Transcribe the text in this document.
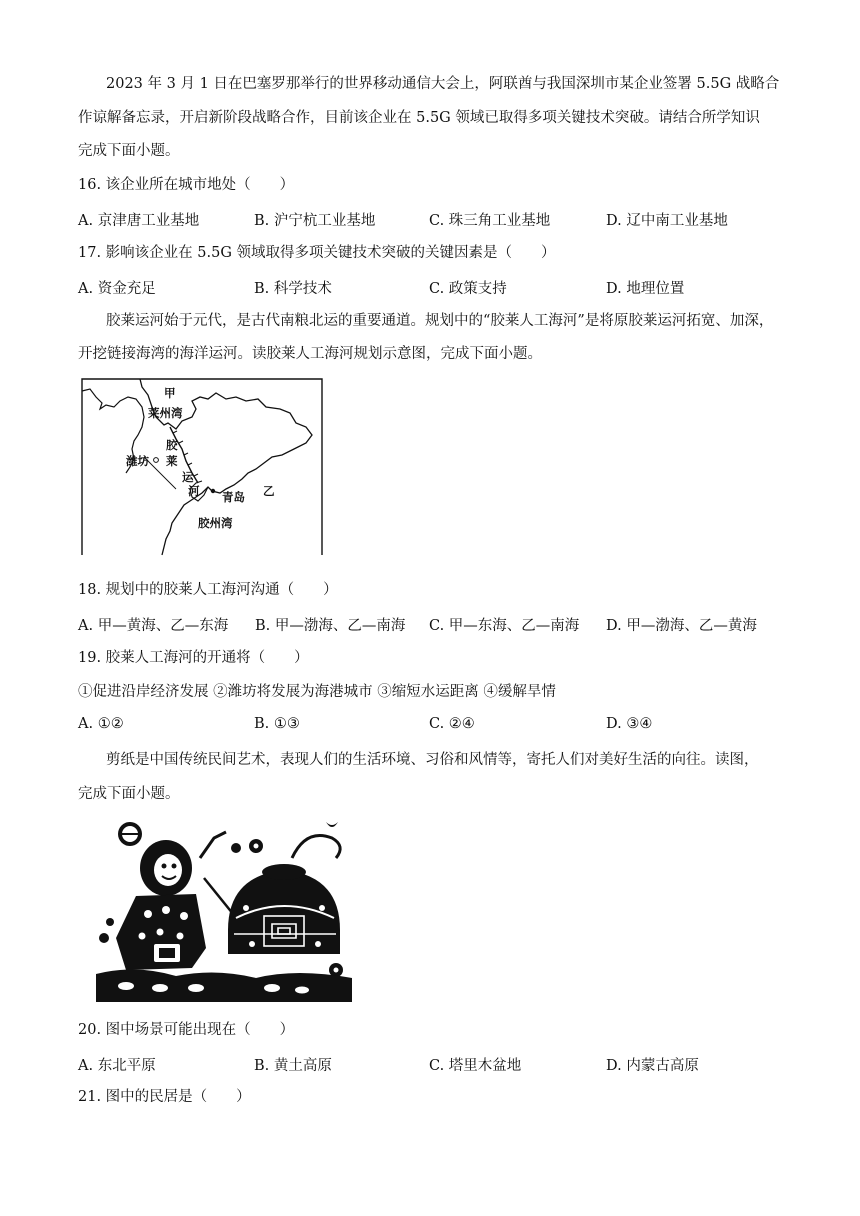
2023 年 3 月 1 日在巴塞罗那举行的世界移动通信大会上，阿联酋与我国深圳市某企业签署 5.5G 战略合
作谅解备忘录，开启新阶段战略合作，目前该企业在 5.5G 领域已取得多项关键技术突破。请结合所学知识
完成下面小题。
16. 该企业所在城市地处（　　）
A. 京津唐工业基地	B. 沪宁杭工业基地	C. 珠三角工业基地	D. 辽中南工业基地
17. 影响该企业在 5.5G 领域取得多项关键技术突破的关键因素是（　　）
A. 资金充足	B. 科学技术	C. 政策支持	D. 地理位置
胶莱运河始于元代，是古代南粮北运的重要通道。规划中的“胶莱人工海河”是将原胶莱运河拓宽、加深，
开挖链接海湾的海洋运河。读胶莱人工海河规划示意图，完成下面小题。
甲
莱州湾
潍坊
胶
莱
运
河 青岛 乙
胶州湾
18. 规划中的胶莱人工海河沟通（　　）
A. 甲—黄海、乙—东海 B. 甲—渤海、乙—南海 C. 甲—东海、乙—南海 D. 甲—渤海、乙—黄海
19. 胶莱人工海河的开通将（　　）
①促进沿岸经济发展 ②潍坊将发展为海港城市 ③缩短水运距离 ④缓解旱情
A. ①②	B. ①③	C. ②④	D. ③④
剪纸是中国传统民间艺术，表现人们的生活环境、习俗和风情等，寄托人们对美好生活的向往。读图，
完成下面小题。
20. 图中场景可能出现在（　　）
A. 东北平原	B. 黄土高原	C. 塔里木盆地	D. 内蒙古高原
21. 图中的民居是（　　）
